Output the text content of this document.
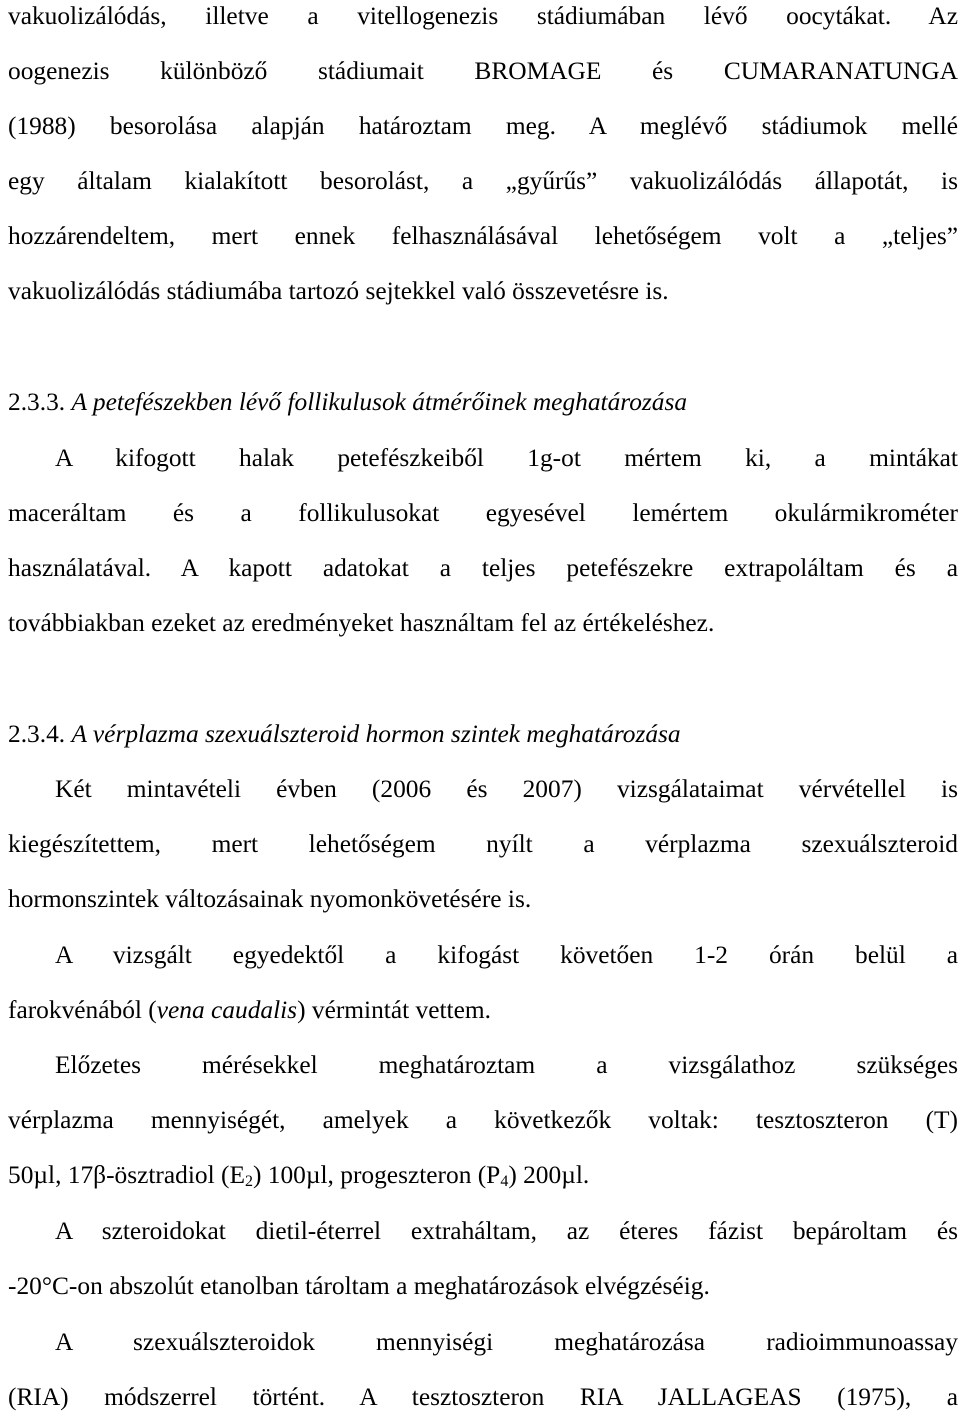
vakuolizálódás, illetve a vitellogenezis stádiumában lévő oocytákat. Az
oogenezis különböző stádiumait BROMAGE és CUMARANATUNGA
(1988) besorolása alapján határoztam meg. A meglévő stádiumok mellé
egy általam kialakított besorolást, a „gyűrűs” vakuolizálódás állapotát, is
hozzárendeltem, mert ennek felhasználásával lehetőségem volt a „teljes”
vakuolizálódás stádiumába tartozó sejtekkel való összevetésre is.
2.3.3. A petefészekben lévő follikulusok átmérőinek meghatározása
A kifogott halak petefészkeiből 1g-ot mértem ki, a mintákat
maceráltam és a follikulusokat egyesével lemértem okulármikrométer
használatával. A kapott adatokat a teljes petefészekre extrapoláltam és a
továbbiakban ezeket az eredményeket használtam fel az értékeléshez.
2.3.4. A vérplazma szexuálszteroid hormon szintek meghatározása
Két mintavételi évben (2006 és 2007) vizsgálataimat vérvétellel is
kiegészítettem, mert lehetőségem nyílt a vérplazma szexuálszteroid
hormonszintek változásainak nyomonkövetésére is.
A vizsgált egyedektől a kifogást követően 1-2 órán belül a
farokvénából (vena caudalis) vérmintát vettem.
Előzetes mérésekkel meghatároztam a vizsgálathoz szükséges
vérplazma mennyiségét, amelyek a következők voltak: tesztoszteron (T)
50µl, 17β-ösztradiol $(E_2)$ 100µl, progeszteron $(P_4)$ 200µl.
A szteroidokat dietil-éterrel extraháltam, az éteres fázist bepároltam és
-20°C-on abszolút etanolban tároltam a meghatározások elvégzéséig.
A szexuálszteroidok mennyiségi meghatározása radioimmunoassay
(RIA) módszerrel történt. A tesztoszteron RIA JALLAGEAS (1975), a
